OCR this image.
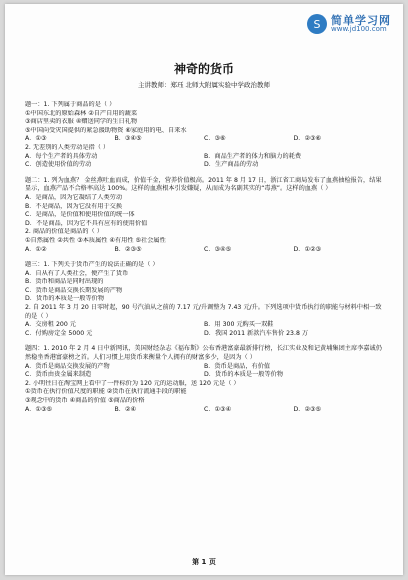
S 简单学习网
www.jd100.com
神奇的货币
主讲教师：郑珏 北师大附属实验中学政治教师
题一：1. 下列属于商品的是（ ）
①中国东北的原始森林 ②自产自用的蔬菜
③商店里卖的衣服 ④赠送同学的生日礼物
⑤中国向受灾国提供的紧急援助物资 ⑥家庭用的电、自来水
A．①③	B．③④⑤	C．③⑥	D．②③⑥
2. 无差别的人类劳动是指（ ）
A．每个生产者的具体劳动	B．商品生产者的体力和脑力的耗费
C．创造使用价值的劳动	D．生产商品的劳动
题二：1. 列为血燕？ 金丝燕吐血而成，价值千金，营养价值极高。2011 年 8 月 17 日，浙江省工商局发布了血燕抽检报告，结果显示，血燕产品不合格率高达 100%。这样的血燕根本引发嫌疑，从而成为名副其实的“毒燕”。这样的血燕（ ）
A．是商品，因为它凝结了人类劳动
B．不是商品，因为它没有用于交换
C．是商品，是价值和使用价值的统一体
D．不是商品，因为它不具有应有的使用价值
2. 商品的价值是商品的（ ）
①自然属性 ②共性 ③本质属性 ④有用性 ⑤社会属性
A．①②	B．②③⑤	C．③④⑤	D．①②③
题三：1. 下列关于货币产生的说法正确的是（ ）
A．自从有了人类社会，便产生了货币
B．货币和商品是同时出现的
C．货币是商品交换长期发展的产物
D．货币的本质是一般等价物
2. 自 2011 年 3 月 20 日零时起，90 号汽油从之前的 7.17 元/升调整为 7.43 元/升。下列选项中货币执行的职能与材料中相一致的是（ ）
A．交房租 200 元	B．用 300 元购买一双鞋
C．付购房定金 5000 元	D．我国 2011 新款汽车售价 23.8 万
题四：1. 2010 年 2 月 4 日中新网讯，美国财经杂志《福布斯》公布香港富豪最新排行榜，长江实业及和记黄埔集团主席李嘉诚仍然稳坐香港富豪榜之首。人们习惯上用货币来衡量个人拥有的财富多少，是因为（ ）
A．货币是商品交换发展的产物	B．货币是商品，有价值
C．货币由贵金属来制造	D．货币的本质是一般等价物
2. 小明往日在淘宝网上看中了一件标价为 120 元的运动服，送 120 元是（ ）
①货币在执行价值尺度的职能 ②货币在执行流通手段的职能
③观念中的货币 ④商品的价值 ⑤商品的价格
A．①③⑤	B．②④	C．①③④	D．②③⑤
第 1 页
